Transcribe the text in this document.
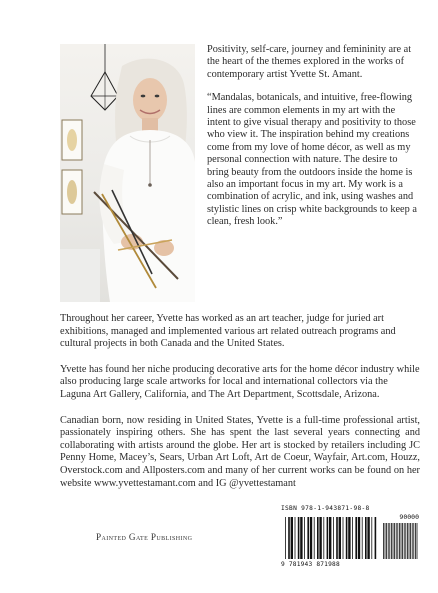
Positivity, self-care, journey and femininity are at the heart of the themes explored in the works of contemporary artist Yvette St. Amant.

“Mandalas, botanicals, and intuitive, free-flowing lines are common elements in my art with the intent to give visual therapy and positivity to those who view it. The inspiration behind my creations come from my love of home décor, as well as my personal connection with nature. The desire to bring beauty from the outdoors inside the home is also an important focus in my art. My work is a combination of acrylic, and ink, using washes and stylistic lines on crisp white backgrounds to keep a clean, fresh look.”

Throughout her career, Yvette has worked as an art teacher, judge for juried art exhibitions, managed and implemented various art related outreach programs and cultural projects in both Canada and the United States.

Yvette has found her niche producing decorative arts for the home décor industry while also producing large scale artworks for local and international collectors via the Laguna Art Gallery, California, and The Art Department, Scottsdale, Arizona.

Canadian born, now residing in United States, Yvette is a full-time professional artist, passionately inspiring others. She has spent the last several years connecting and collaborating with artists around the globe. Her art is stocked by retailers including JC Penny Home, Macey’s, Sears, Urban Art Loft, Art de Coeur, Wayfair, Art.com, Houzz, Overstock.com and Allposters.com and many of her current works can be found on her website www.yvettestamant.com and IG @yvettestamant

Painted Gate Publishing
ISBN 978-1-943871-98-8
90000
9 781943 871988
